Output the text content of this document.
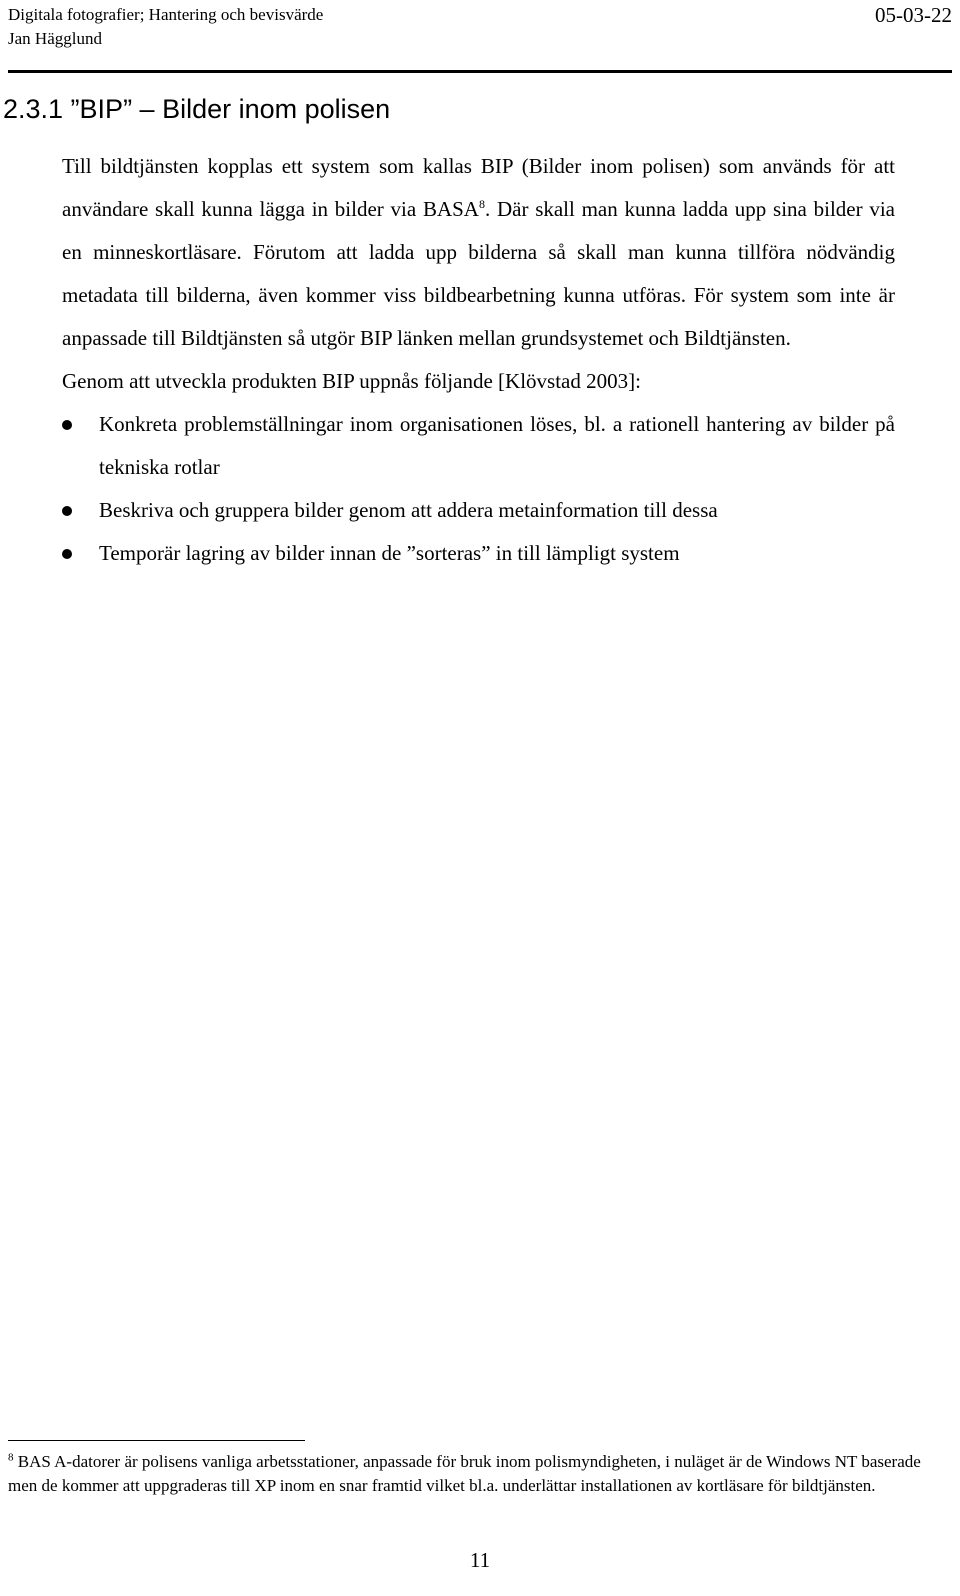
Digitala fotografier; Hantering och bevisvärde
Jan Hägglund
05-03-22
2.3.1 ”BIP” – Bilder inom polisen

Till bildtjänsten kopplas ett system som kallas BIP (Bilder inom polisen) som används för att användare skall kunna lägga in bilder via BASA$^8$. Där skall man kunna ladda upp sina bilder via en minneskortläsare. Förutom att ladda upp bilderna så skall man kunna tillföra nödvändig metadata till bilderna, även kommer viss bildbearbetning kunna utföras. För system som inte är anpassade till Bildtjänsten så utgör BIP länken mellan grundsystemet och Bildtjänsten.

Genom att utveckla produkten BIP uppnås följande [Klövstad 2003]:

Konkreta problemställningar inom organisationen löses, bl. a rationell hantering av bilder på tekniska rotlar
Beskriva och gruppera bilder genom att addera metainformation till dessa
Temporär lagring av bilder innan de ”sorteras” in till lämpligt system
$^8$ BAS A-datorer är polisens vanliga arbetsstationer, anpassade för bruk inom polismyndigheten, i nuläget är de Windows NT baserade men de kommer att uppgraderas till XP inom en snar framtid vilket bl.a. underlättar installationen av kortläsare för bildtjänsten.
11
